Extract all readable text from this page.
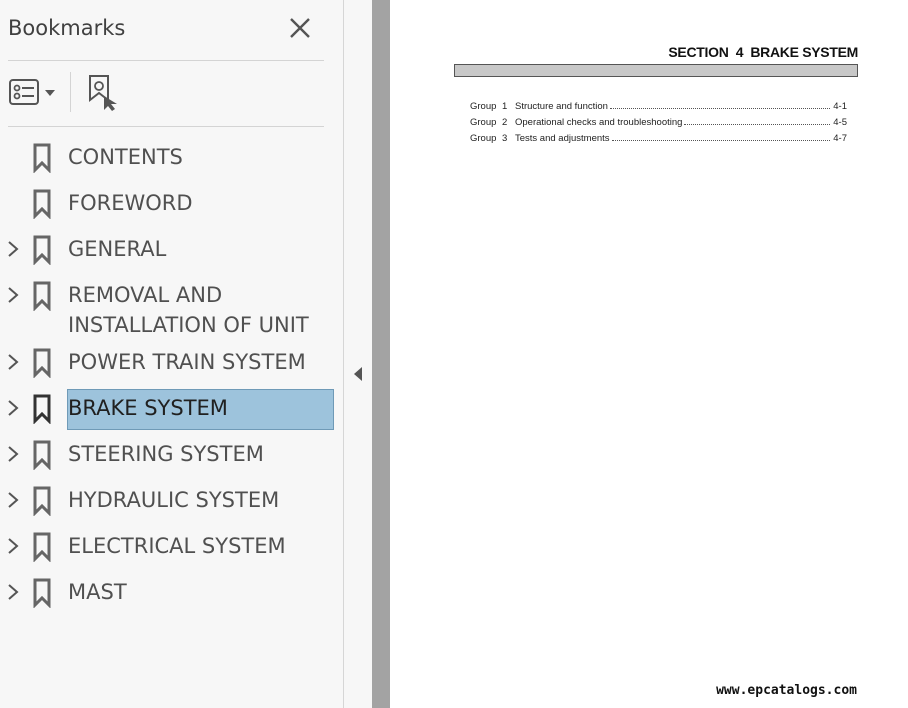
Bookmarks
CONTENTS
FOREWORD
GENERAL
REMOVAL AND
INSTALLATION OF UNIT
POWER TRAIN SYSTEM
BRAKE SYSTEM
STEERING SYSTEM
HYDRAULIC SYSTEM
ELECTRICAL SYSTEM
MAST
SECTION  4  BRAKE SYSTEM
Group 1 Structure and function	4-1
Group 2 Operational checks and troubleshooting	4-5
Group 3 Tests and adjustments	4-7
www.epcatalogs.com
